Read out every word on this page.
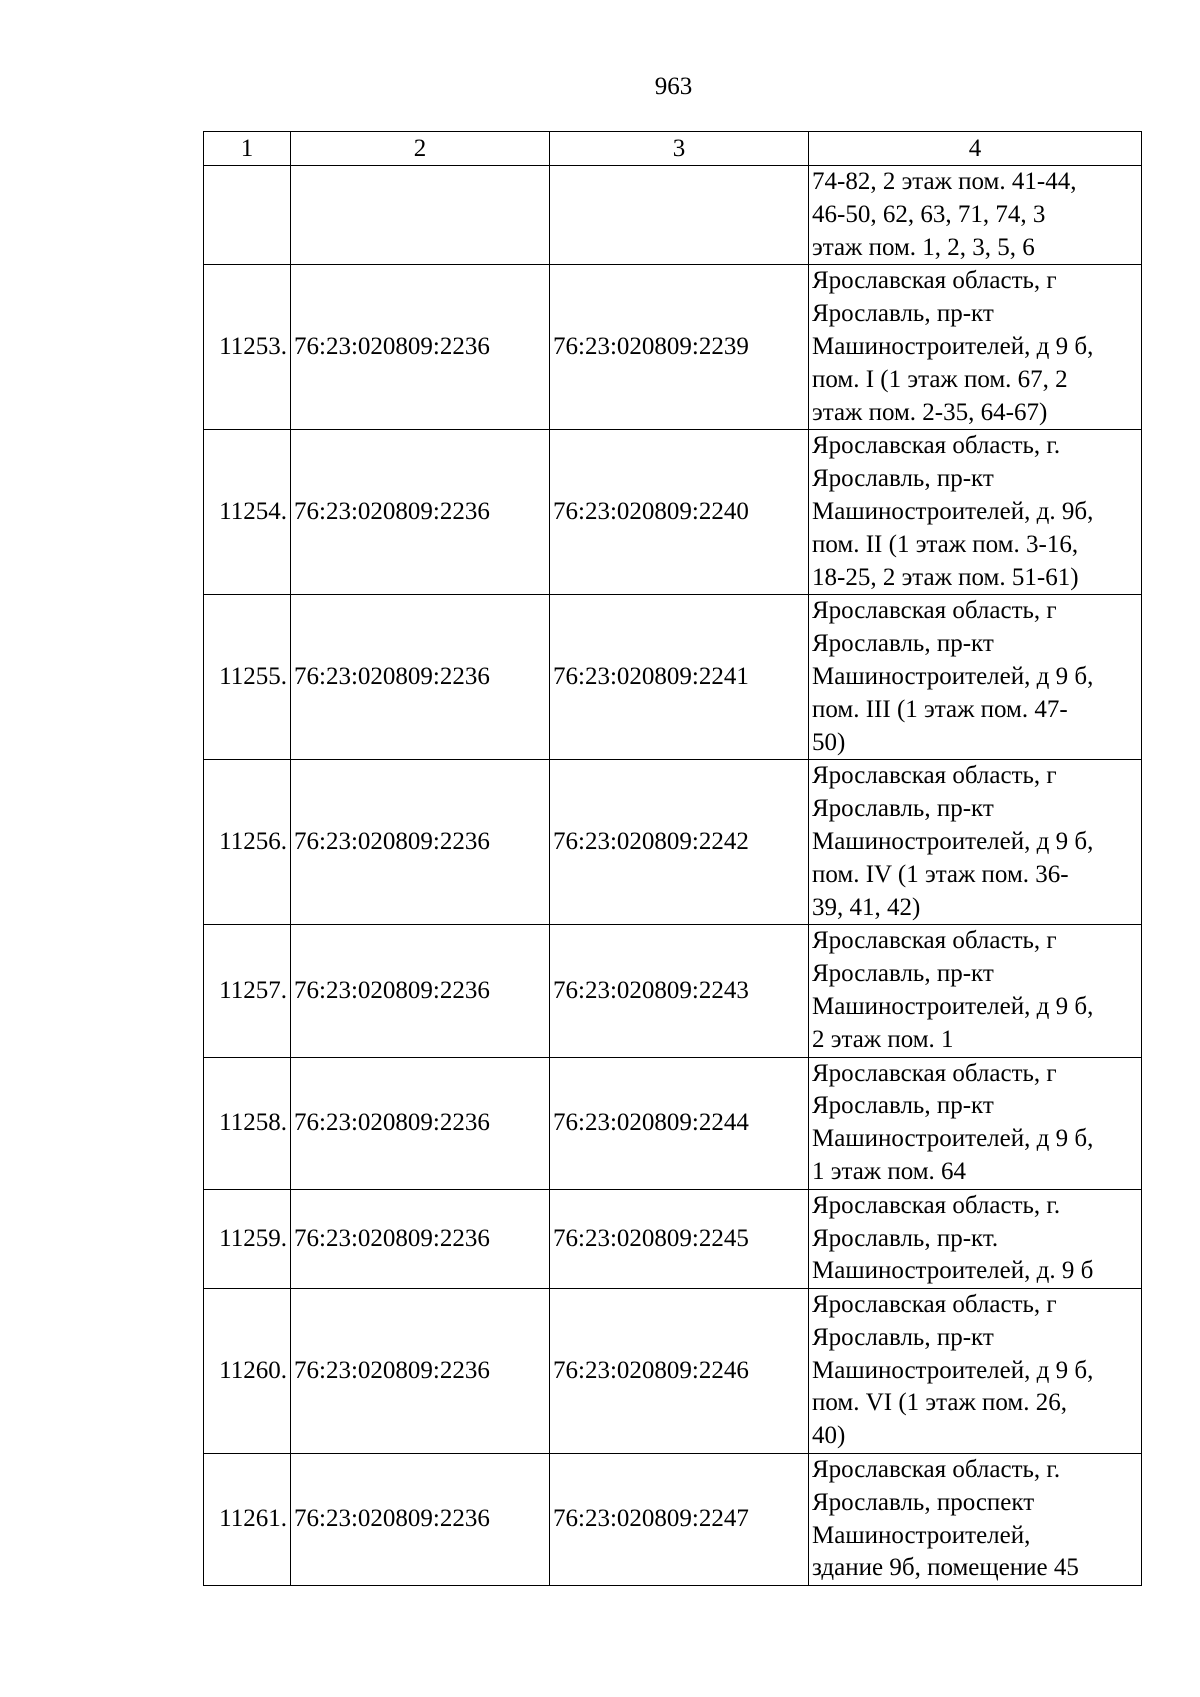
963
1	2	3	4

			74-82, 2 этаж пом. 41-44,
46-50, 62, 63, 71, 74, 3
этаж пом. 1, 2, 3, 5, 6

11253.	76:23:020809:2236	76:23:020809:2239	Ярославская область, г
Ярославль, пр-кт
Машиностроителей, д 9 б,
пом. I (1 этаж пом. 67, 2
этаж пом. 2-35, 64-67)

11254.	76:23:020809:2236	76:23:020809:2240	Ярославская область, г.
Ярославль, пр-кт
Машиностроителей, д. 9б,
пом. II (1 этаж пом. 3-16,
18-25, 2 этаж пом. 51-61)

11255.	76:23:020809:2236	76:23:020809:2241	Ярославская область, г
Ярославль, пр-кт
Машиностроителей, д 9 б,
пом. III (1 этаж пом. 47-
50)

11256.	76:23:020809:2236	76:23:020809:2242	Ярославская область, г
Ярославль, пр-кт
Машиностроителей, д 9 б,
пом. IV (1 этаж пом. 36-
39, 41, 42)

11257.	76:23:020809:2236	76:23:020809:2243	Ярославская область, г
Ярославль, пр-кт
Машиностроителей, д 9 б,
2 этаж пом. 1

11258.	76:23:020809:2236	76:23:020809:2244	Ярославская область, г
Ярославль, пр-кт
Машиностроителей, д 9 б,
1 этаж пом. 64

11259.	76:23:020809:2236	76:23:020809:2245	Ярославская область, г.
Ярославль, пр-кт.
Машиностроителей, д. 9 б

11260.	76:23:020809:2236	76:23:020809:2246	Ярославская область, г
Ярославль, пр-кт
Машиностроителей, д 9 б,
пом. VI (1 этаж пом. 26,
40)

11261.	76:23:020809:2236	76:23:020809:2247	Ярославская область, г.
Ярославль, проспект
Машиностроителей,
здание 9б, помещение 45
